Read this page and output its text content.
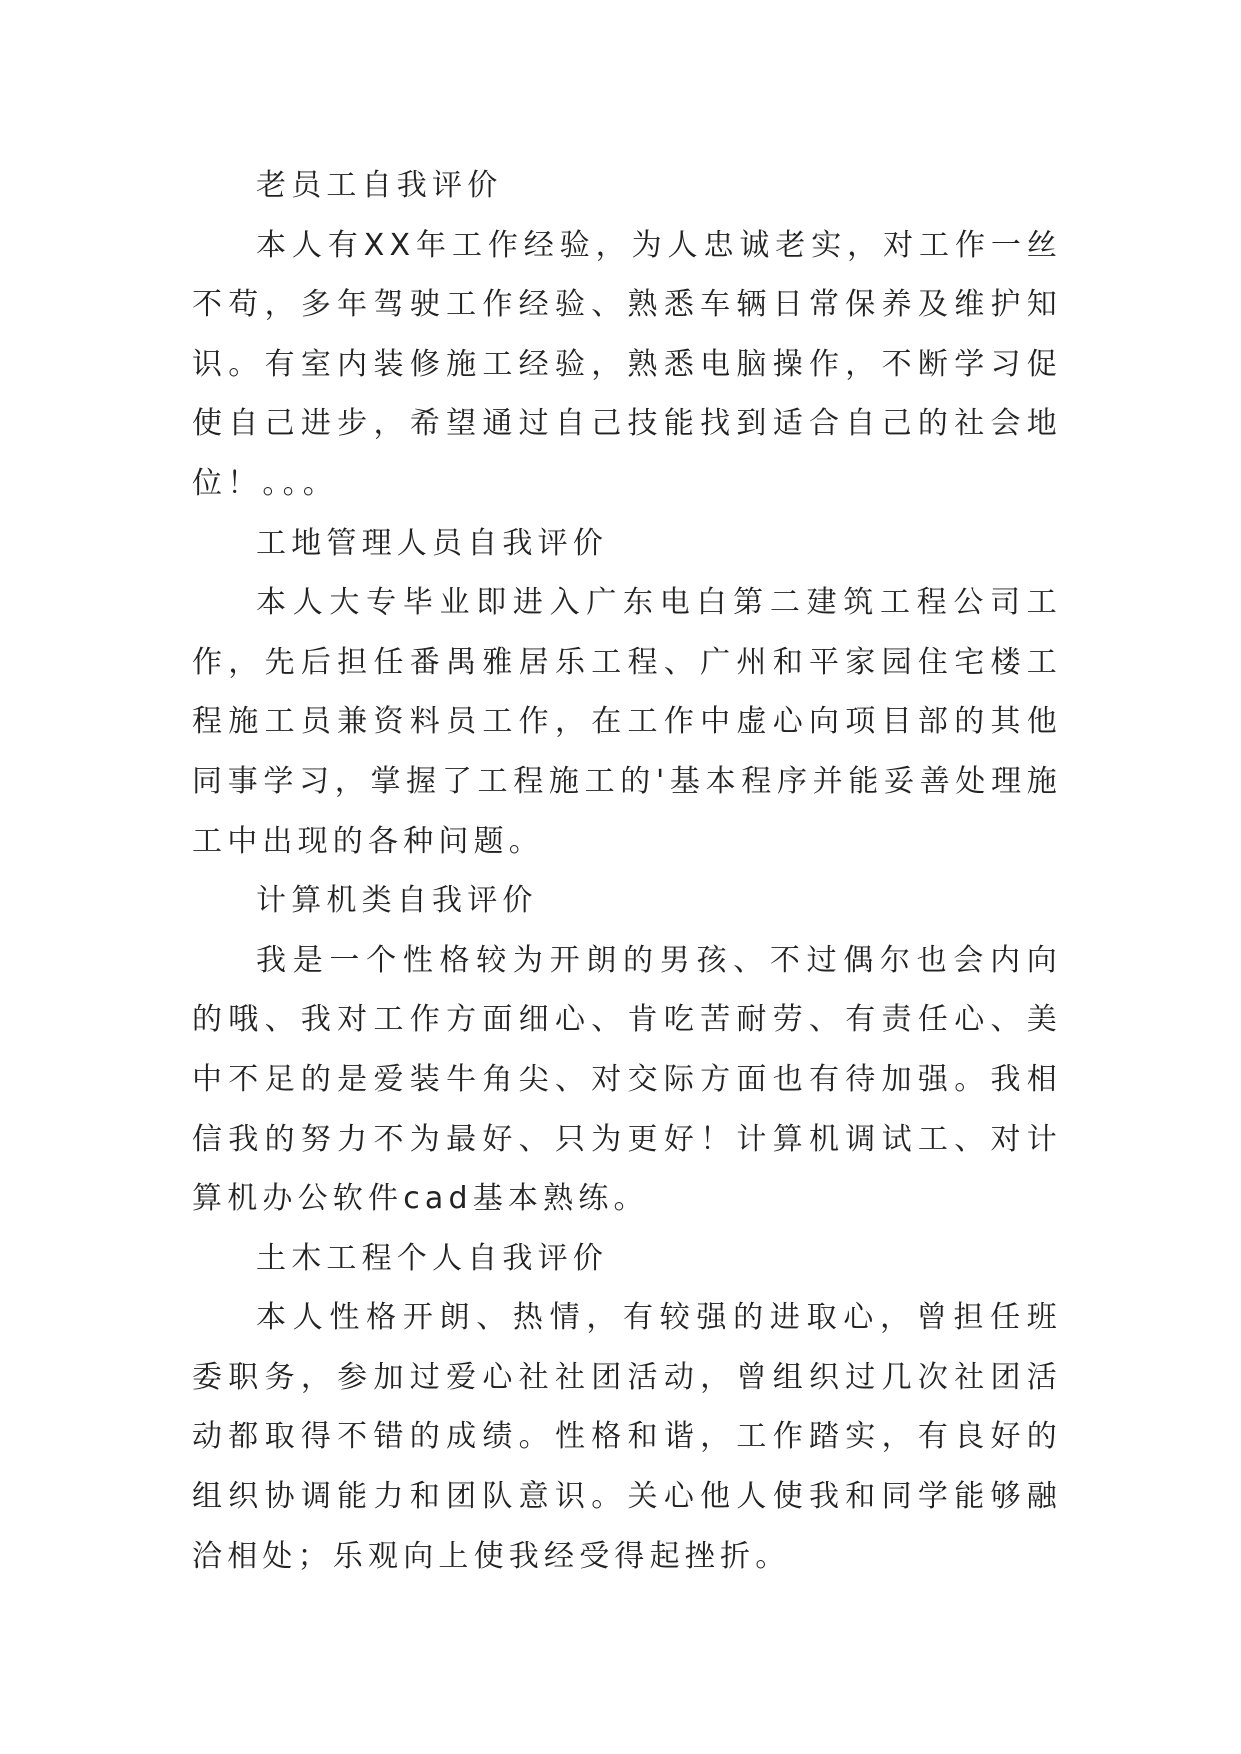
老员工自我评价

本人有XX年工作经验，为人忠诚老实，对工作一丝不苟，多年驾驶工作经验、熟悉车辆日常保养及维护知识。有室内装修施工经验，熟悉电脑操作，不断学习促使自己进步，希望通过自己技能找到适合自己的社会地位！。。。

工地管理人员自我评价

本人大专毕业即进入广东电白第二建筑工程公司工作，先后担任番禺雅居乐工程、广州和平家园住宅楼工程施工员兼资料员工作，在工作中虚心向项目部的其他同事学习，掌握了工程施工的'基本程序并能妥善处理施工中出现的各种问题。

计算机类自我评价

我是一个性格较为开朗的男孩、不过偶尔也会内向的哦、我对工作方面细心、肯吃苦耐劳、有责任心、美中不足的是爱装牛角尖、对交际方面也有待加强。我相信我的努力不为最好、只为更好！计算机调试工、对计算机办公软件cad基本熟练。

土木工程个人自我评价

本人性格开朗、热情，有较强的进取心，曾担任班委职务，参加过爱心社社团活动，曾组织过几次社团活动都取得不错的成绩。性格和谐，工作踏实，有良好的组织协调能力和团队意识。关心他人使我和同学能够融洽相处；乐观向上使我经受得起挫折。
